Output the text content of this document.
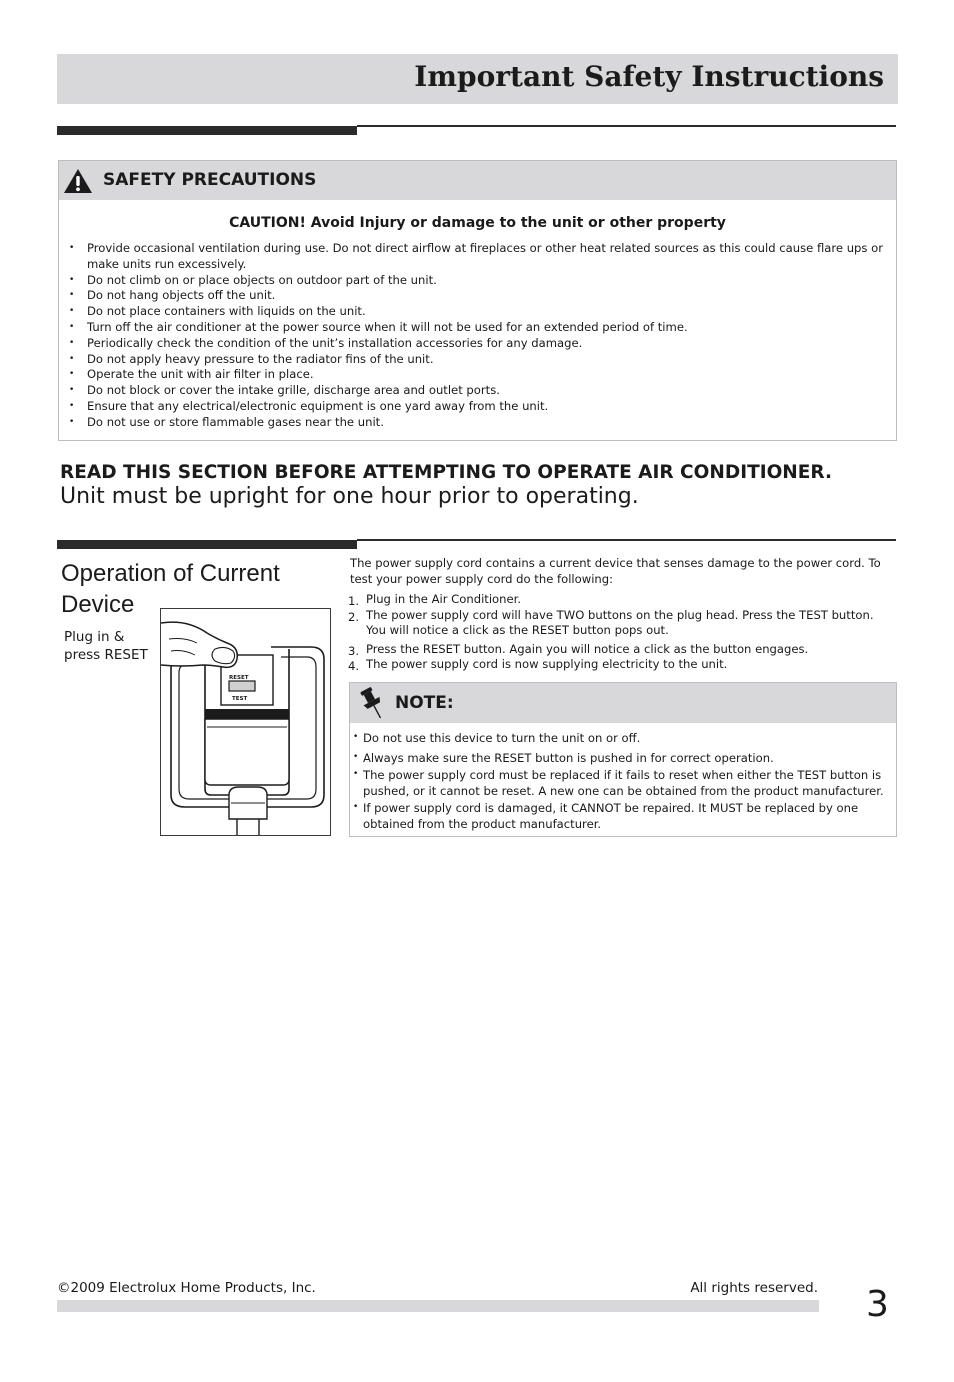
Important Safety Instructions
SAFETY PRECAUTIONS
CAUTION! Avoid Injury or damage to the unit or other property
• Provide occasional ventilation during use. Do not direct airflow at fireplaces or other heat related sources as this could cause flare ups or make units run excessively.
• Do not climb on or place objects on outdoor part of the unit.
• Do not hang objects off the unit.
• Do not place containers with liquids on the unit.
• Turn off the air conditioner at the power source when it will not be used for an extended period of time.
• Periodically check the condition of the unit’s installation accessories for any damage.
• Do not apply heavy pressure to the radiator fins of the unit.
• Operate the unit with air filter in place.
• Do not block or cover the intake grille, discharge area and outlet ports.
• Ensure that any electrical/electronic equipment is one yard away from the unit.
• Do not use or store flammable gases near the unit.
READ THIS SECTION BEFORE ATTEMPTING TO OPERATE AIR CONDITIONER.
Unit must be upright for one hour prior to operating.
Operation of Current Device
Plug in & press RESET
RESET
TEST
The power supply cord contains a current device that senses damage to the power cord. To test your power supply cord do the following:
1. Plug in the Air Conditioner.
2. The power supply cord will have TWO buttons on the plug head. Press the TEST button. You will notice a click as the RESET button pops out.
3. Press the RESET button. Again you will notice a click as the button engages.
4. The power supply cord is now supplying electricity to the unit.
NOTE:
• Do not use this device to turn the unit on or off.
• Always make sure the RESET button is pushed in for correct operation.
• The power supply cord must be replaced if it fails to reset when either the TEST button is pushed, or it cannot be reset. A new one can be obtained from the product manufacturer.
• If power supply cord is damaged, it CANNOT be repaired. It MUST be replaced by one obtained from the product manufacturer.
©2009 Electrolux Home Products, Inc.	All rights reserved. 3
